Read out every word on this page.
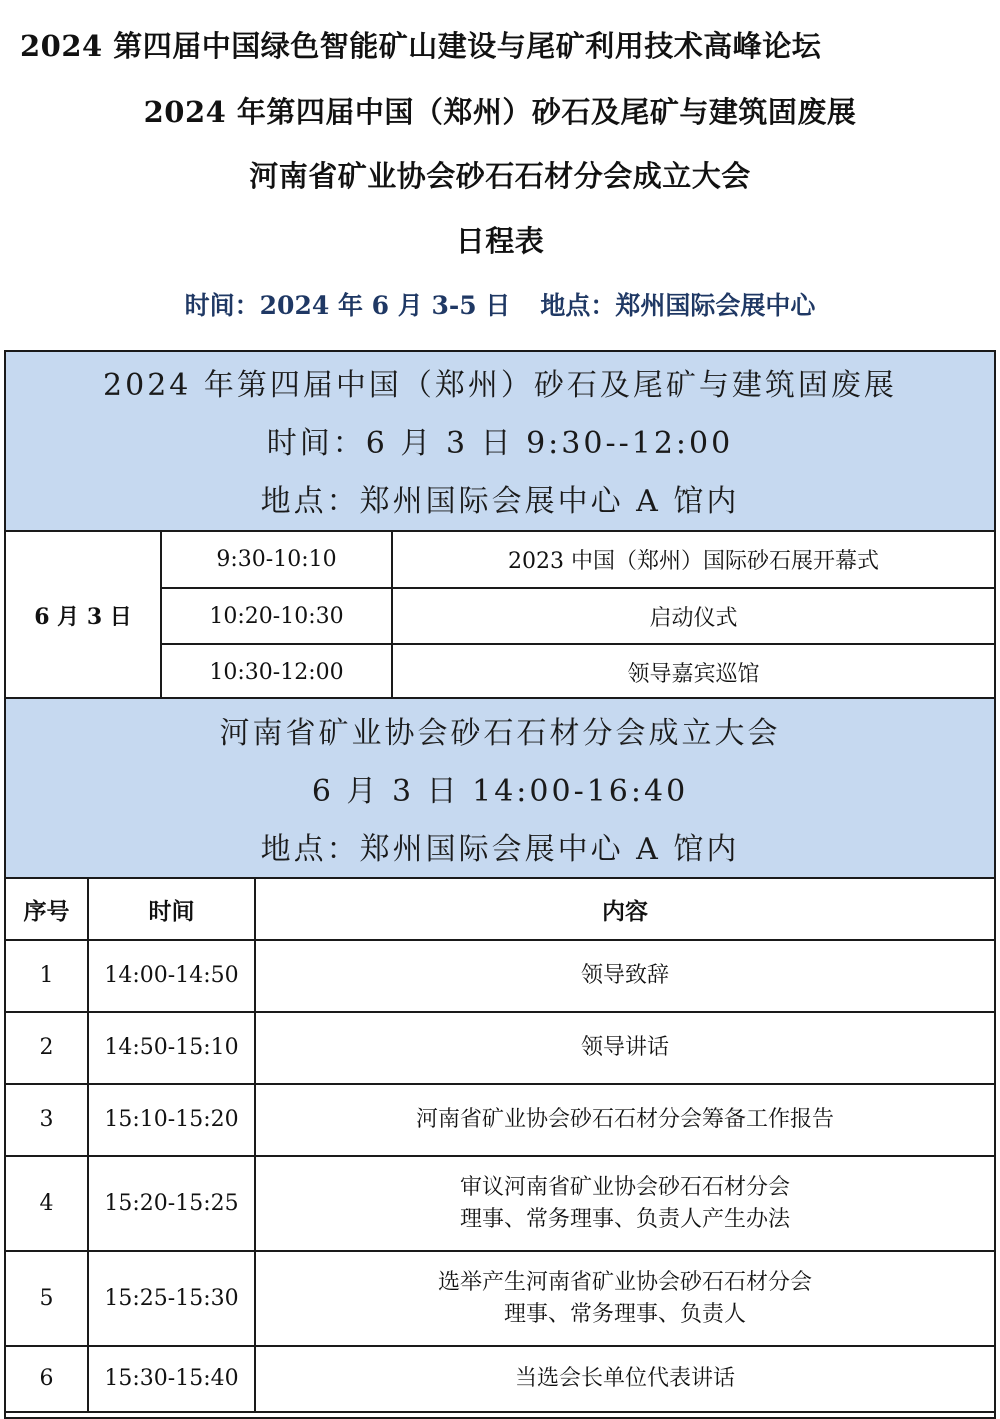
2024 第四届中国绿色智能矿山建设与尾矿利用技术高峰论坛
2024 年第四届中国（郑州）砂石及尾矿与建筑固废展
河南省矿业协会砂石石材分会成立大会
日程表
时间：2024 年 6 月 3-5 日 地点：郑州国际会展中心
2024 年第四届中国（郑州）砂石及尾矿与建筑固废展
时间：6 月 3 日 9:30--12:00
地点：郑州国际会展中心 A 馆内
6 月 3 日	9:30-10:10	2023 中国（郑州）国际砂石展开幕式
	10:20-10:30	启动仪式
	10:30-12:00	领导嘉宾巡馆
河南省矿业协会砂石石材分会成立大会
6 月 3 日 14:00-16:40
地点：郑州国际会展中心 A 馆内
序号	时间	内容
1	14:00-14:50	领导致辞
2	14:50-15:10	领导讲话
3	15:10-15:20	河南省矿业协会砂石石材分会筹备工作报告
4	15:20-15:25	审议河南省矿业协会砂石石材分会
理事、常务理事、负责人产生办法

5	15:25-15:30	选举产生河南省矿业协会砂石石材分会
理事、常务理事、负责人

6	15:30-15:40	当选会长单位代表讲话
